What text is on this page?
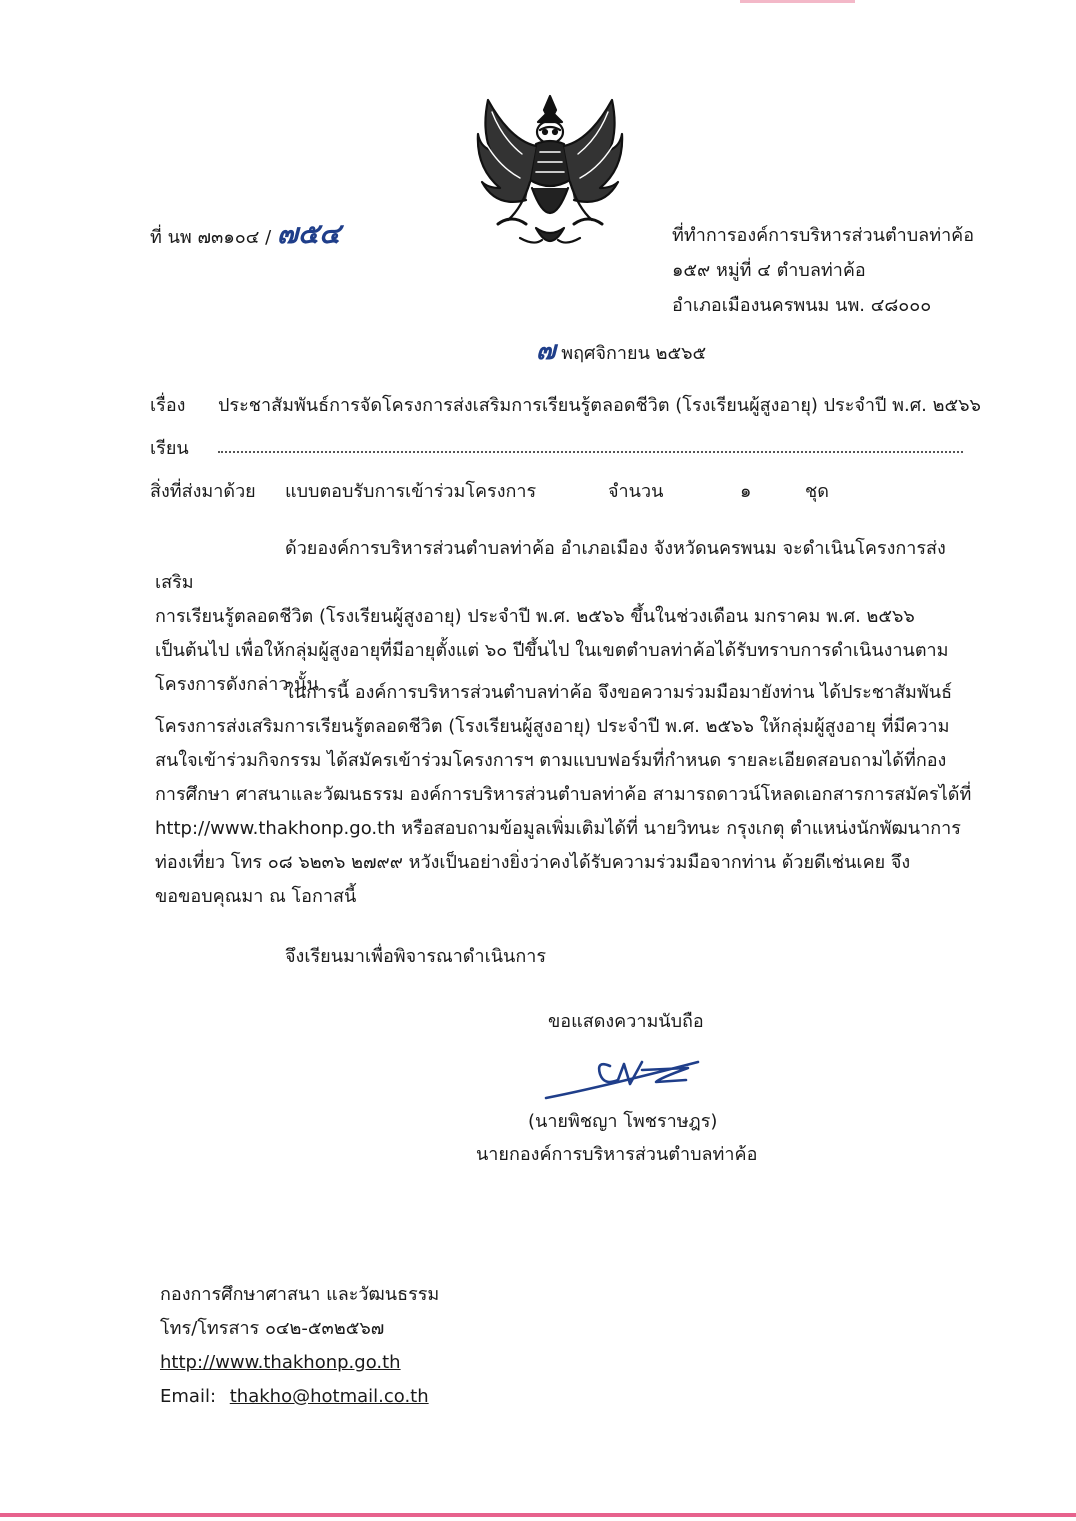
ที่ นพ ๗๓๑๐๔ / ๗๕๔	ที่ทำการองค์การบริหารส่วนตำบลท่าค้อ
๑๕๙ หมู่ที่ ๔ ตำบลท่าค้อ
อำเภอเมืองนครพนม นพ. ๔๘๐๐๐
๗ พฤศจิกายน ๒๕๖๕
เรื่อง ประชาสัมพันธ์การจัดโครงการส่งเสริมการเรียนรู้ตลอดชีวิต (โรงเรียนผู้สูงอายุ) ประจำปี พ.ศ. ๒๕๖๖
เรียน
สิ่งที่ส่งมาด้วย แบบตอบรับการเข้าร่วมโครงการ	จำนวน	๑	ชุด

ด้วยองค์การบริหารส่วนตำบลท่าค้อ อำเภอเมือง จังหวัดนครพนม จะดำเนินโครงการส่งเสริม

การเรียนรู้ตลอดชีวิต (โรงเรียนผู้สูงอายุ) ประจำปี พ.ศ. ๒๕๖๖ ขึ้นในช่วงเดือน มกราคม พ.ศ. ๒๕๖๖

เป็นต้นไป เพื่อให้กลุ่มผู้สูงอายุที่มีอายุตั้งแต่ ๖๐ ปีขึ้นไป ในเขตตำบลท่าค้อได้รับทราบการดำเนินงานตาม

โครงการดังกล่าว นั้น

ในการนี้ องค์การบริหารส่วนตำบลท่าค้อ จึงขอความร่วมมือมายังท่าน ได้ประชาสัมพันธ์

โครงการส่งเสริมการเรียนรู้ตลอดชีวิต (โรงเรียนผู้สูงอายุ) ประจำปี พ.ศ. ๒๕๖๖ ให้กลุ่มผู้สูงอายุ ที่มีความ

สนใจเข้าร่วมกิจกรรม ได้สมัครเข้าร่วมโครงการฯ ตามแบบฟอร์มที่กำหนด รายละเอียดสอบถามได้ที่กอง

การศึกษา ศาสนาและวัฒนธรรม องค์การบริหารส่วนตำบลท่าค้อ สามารถดาวน์โหลดเอกสารการสมัครได้ที่

http://www.thakhonp.go.th หรือสอบถามข้อมูลเพิ่มเติมได้ที่ นายวิทนะ กรุงเกตุ ตำแหน่งนักพัฒนาการ

ท่องเที่ยว โทร ๐๘ ๖๒๓๖ ๒๗๙๙ หวังเป็นอย่างยิ่งว่าคงได้รับความร่วมมือจากท่าน ด้วยดีเช่นเคย จึง

ขอขอบคุณมา ณ โอกาสนี้

จึงเรียนมาเพื่อพิจารณาดำเนินการ
ขอแสดงความนับถือ
(นายพิชญา โพชราษฎร)
นายกองค์การบริหารส่วนตำบลท่าค้อ
กองการศึกษาศาสนา และวัฒนธรรม
โทร/โทรสาร ๐๔๒-๕๓๒๕๖๗
http://www.thakhonp.go.th
Email: thakho@hotmail.co.th
